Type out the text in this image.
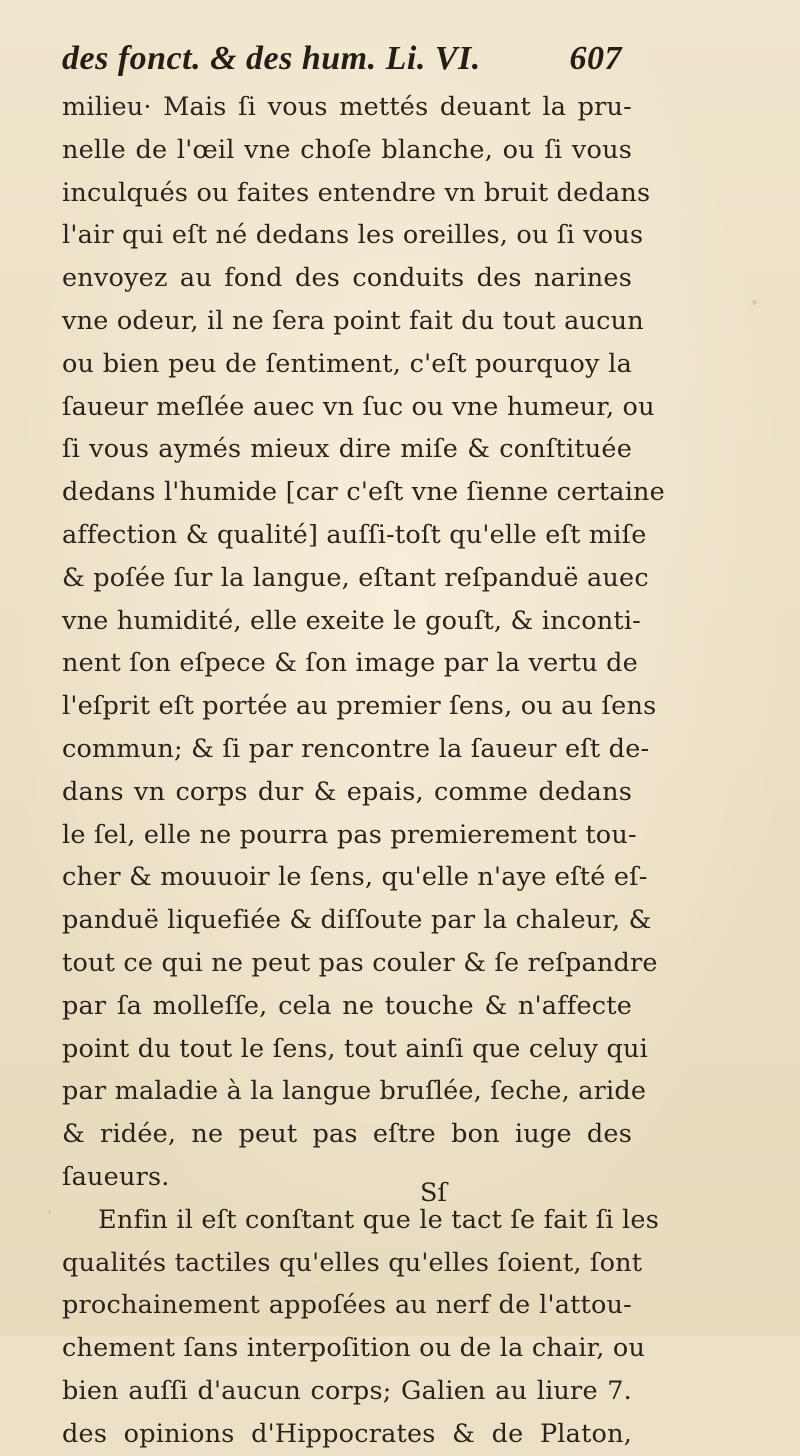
des fonct. & des hum. Li. VI.	607
milieu· Mais ſi vous mettés deuant la pru-
nelle de l'œil vne choſe blanche, ou ſi vous
inculqués ou faites entendre vn bruit dedans
l'air qui eſt né dedans les oreilles, ou ſi vous
envoyez au fond des conduits des narines
vne odeur, il ne ſera point fait du tout aucun
ou bien peu de ſentiment, c'eſt pourquoy la
ſaueur meſlée auec vn ſuc ou vne humeur, ou
ſi vous aymés mieux dire miſe & conſtituée
dedans l'humide [car c'eſt vne ſienne certaine
affection & qualité] auſſi-toſt qu'elle eſt miſe
& poſée ſur la langue, eſtant reſpanduë auec
vne humidité, elle exeite le gouſt, & inconti-
nent ſon eſpece & ſon image par la vertu de
l'eſprit eſt portée au premier ſens, ou au ſens
commun; & ſi par rencontre la ſaueur eſt de-
dans vn corps dur & epais, comme dedans
le ſel, elle ne pourra pas premierement tou-
cher & mouuoir le ſens, qu'elle n'aye eſté eſ-
panduë liquefiée & diſſoute par la chaleur, &
tout ce qui ne peut pas couler & ſe reſpandre
par ſa molleſſe, cela ne touche & n'affecte
point du tout le ſens, tout ainſi que celuy qui
par maladie à la langue bruſlée, ſeche, aride
& ridée, ne peut pas eſtre bon iuge des
ſaueurs.
Enfin il eſt conſtant que le tact ſe fait ſi les
qualités tactiles qu'elles qu'elles ſoient, ſont
prochainement appoſées au nerf de l'attou-
chement ſans interpoſition ou de la chair, ou
bien auſſi d'aucun corps; Galien au liure 7.
des opinions d'Hippocrates & de Platon,
Sſ
